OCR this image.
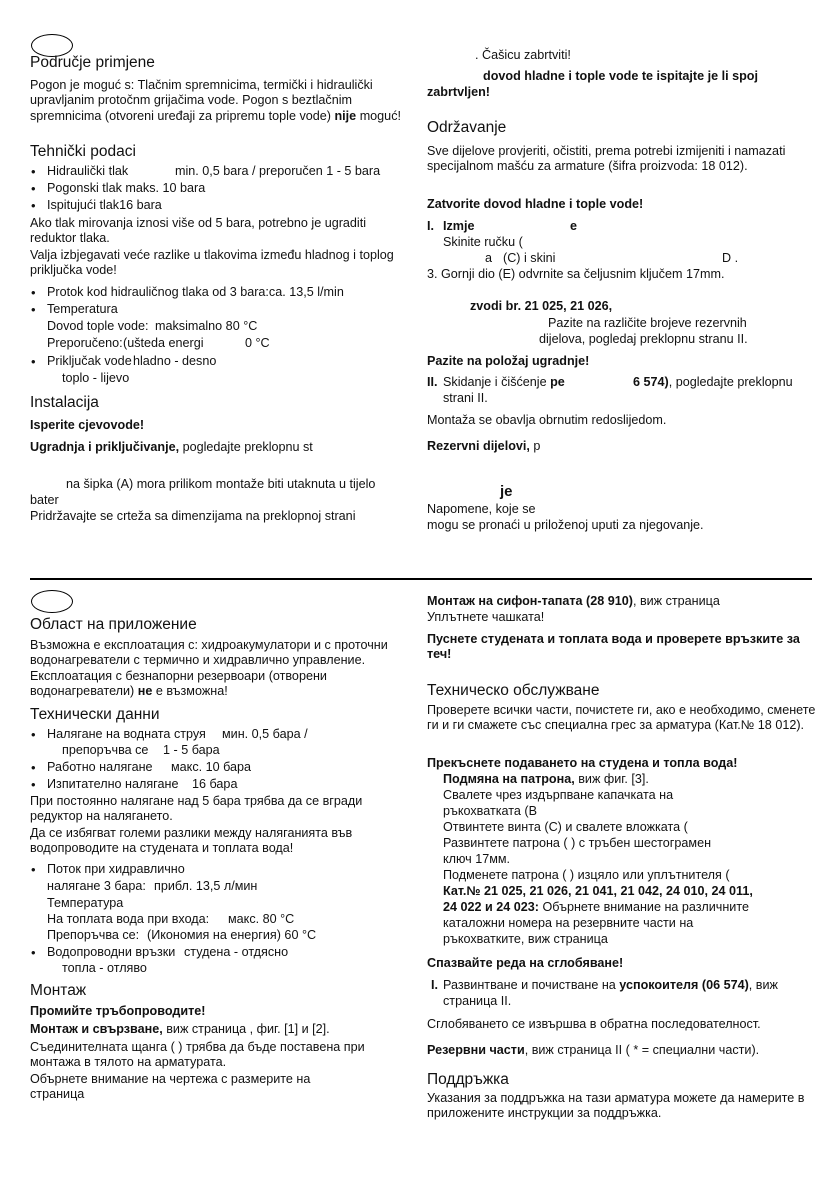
Područje primjene

Pogon je moguć s: Tlačnim spremnicima, termički i hidraulički upravljanim protočnm grijačima vode. Pogon s beztlačnim spremnicima (otvoreni uređaji za pripremu tople vode) nije moguć!

Tehnički podaci
• Hidraulički tlak	min. 0,5 bara / preporučen 1 - 5 bara
• Pogonski tlak maks. 10 bara
• Ispitujući tlak16 bara

Ako tlak mirovanja iznosi više od 5 bara, potrebno je ugraditi reduktor tlaka.

Valja izbjegavati veće razlike u tlakovima između hladnog i toplog priključka vode!

• Protok kod hidrauličnog tlaka od 3 bara:ca. 13,5 l/min
• Temperatura
Dovod tople vode: maksimalno 80 °C
Preporučeno: (ušteda energi	0 °C
• Priključak vode hladno - desno
toplo - lijevo
Instalacija

Isperite cjevovode!

Ugradnja i priključivanje, pogledajte preklopnu st

na šipka (A) mora prilikom montaže biti utaknuta u tijelo

bater

Pridržavajte se crteža sa dimenzijama na preklopnoj strani

. Čašicu zabrtviti!

dovod hladne i tople vode te ispitajte je li spoj

zabrtvljen!

Održavanje

Sve dijelove provjeriti, očistiti, prema potrebi izmijeniti i namazati specijalnom mašću za armature (šifra proizvoda: 18 012).

Zatvorite dovod hladne i tople vode!

I. Izmje	e
Skinite ručku (
a (C) i skini	D .

3. Gornji dio (E) odvrnite sa čeljusnim ključem 17mm.

zvodi br. 21 025, 21 026,

Pazite na različite brojeve rezervnih

dijelova, pogledaj preklopnu stranu II.

Pazite na položaj ugradnje!

II. Skidanje i čišćenje pe	6 574), pogledajte preklopnu

strani II.

Montaža se obavlja obrnutim redoslijedom.

Rezervni dijelovi, p

je

Napomene, koje se

mogu se pronaći u priloženoj uputi za njegovanje.

Област на приложение

Възможна е експлоатация с: хидроакумулатори и с проточни водонагреватели с термично и хидравлично управление. Експлоатация с безнапорни резервоари (отворени водонагреватели) не е възможна!

Технически данни
• Налягане на водната струя мин. 0,5 бара /
препоръчва се 1 - 5 бара
• Работно налягане макс. 10 бара
• Изпитателно налягане 16 бара

При постоянно налягане над 5 бара трябва да се вгради редуктор на налягането.

Да се избягват големи разлики между наляганията във водопроводите на студената и топлата вода!

• Поток при хидравлично
налягане 3 бара: прибл. 13,5 л/мин
Температура
На топлата вода при входа: макс. 80 °C
Препоръчва се: (Икономия на енергия) 60 °C
• Водопроводни връзки студена - отдясно
топла - отляво
Монтаж

Промийте тръбопроводите!

Монтаж и свързване, виж страница , фиг. [1] и [2].

Съединителната щанга ( ) трябва да бъде поставена при монтажа в тялото на арматурата.

Обърнете внимание на чертежа с размерите на страница

Монтаж на сифон-тапата (28 910), виж страница

Уплътнете чашката!

Пуснете студената и топлата вода и проверете връзките за теч!

Техническо обслужване

Проверете всички части, почистете ги, ако е необходимо, сменете ги и ги смажете със специална грес за арматура (Кат.№ 18 012).

Прекъснете подаването на студена и топла вода!

Подмяна на патрона, виж фиг. [3].

Свалете чрез издърпване капачката на

ръкохватката (B

Отвинтете винта (C) и свалете вложката (

Развинтете патрона ( ) с тръбен шестограмен

ключ 17мм.

Подменете патрона ( ) изцяло или уплътнителя (

Кат.№ 21 025, 21 026, 21 041, 21 042, 24 010, 24 011,

24 022 и 24 023: Обърнете внимание на различните

каталожни номера на резервните части на

ръкохватките, виж страница

Спазвайте реда на сглобяване!

I. Развинтване и почистване на успокоителя (06 574), виж

страница II.

Сглобяването се извършва в обратна последователност.

Резервни части, виж страница II ( * = специални части).

Поддръжка

Указания за поддръжка на тази арматура можете да намерите в приложените инструкции за поддръжка.
